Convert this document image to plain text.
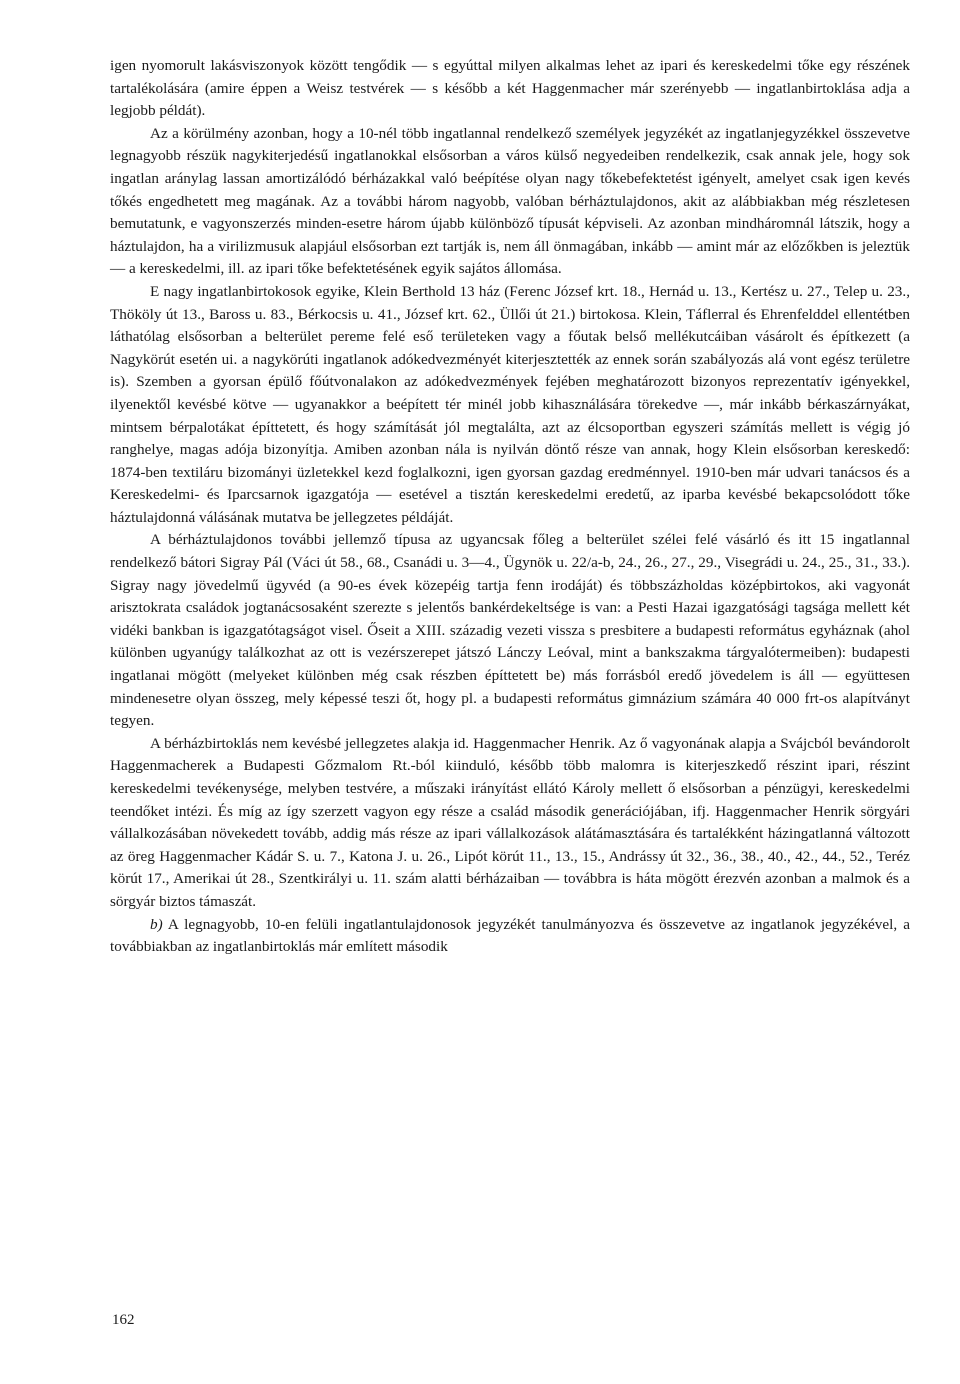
igen nyomorult lakásviszonyok között tengődik — s egyúttal milyen alkalmas lehet az ipari és kereskedelmi tőke egy részének tartalékolására (amire éppen a Weisz testvérek — s később a két Haggenmacher már szerényebb — ingatlanbirtoklása adja a legjobb példát).

Az a körülmény azonban, hogy a 10-nél több ingatlannal rendelkező személyek jegyzékét az ingatlanjegyzékkel összevetve legnagyobb részük nagykiterjedésű ingatlanokkal elsősorban a város külső negyedeiben rendelkezik, csak annak jele, hogy sok ingatlan aránylag lassan amortizálódó bérházakkal való beépítése olyan nagy tőkebefektetést igényelt, amelyet csak igen kevés tőkés engedhetett meg magának. Az a további három nagyobb, valóban bérháztulajdonos, akit az alábbiakban még részletesen bemutatunk, e vagyonszerzés minden-esetre három újabb különböző típusát képviseli. Az azonban mindháromnál látszik, hogy a háztulajdon, ha a virilizmusuk alapjául elsősorban ezt tartják is, nem áll önmagában, inkább — amint már az előzőkben is jeleztük — a kereskedelmi, ill. az ipari tőke befektetésének egyik sajátos állomása.

E nagy ingatlanbirtokosok egyike, Klein Berthold 13 ház (Ferenc József krt. 18., Hernád u. 13., Kertész u. 27., Telep u. 23., Thököly út 13., Baross u. 83., Bérkocsis u. 41., József krt. 62., Üllői út 21.) birtokosa. Klein, Táflerral és Ehrenfelddel ellentétben láthatólag elsősorban a belterület pereme felé eső területeken vagy a főutak belső mellékutcáiban vásárolt és építkezett (a Nagykörút esetén ui. a nagykörúti ingatlanok adókedvezményét kiterjesztették az ennek során szabályozás alá vont egész területre is). Szemben a gyorsan épülő főútvonalakon az adókedvezmények fejében meghatározott bizonyos reprezentatív igényekkel, ilyenektől kevésbé kötve — ugyanakkor a beépített tér minél jobb kihasználására törekedve —, már inkább bérkaszárnyákat, mintsem bérpalotákat építtetett, és hogy számítását jól megtalálta, azt az élcsoportban egyszeri számítás mellett is végig jó ranghelye, magas adója bizonyítja. Amiben azonban nála is nyilván döntő része van annak, hogy Klein elsősorban kereskedő: 1874-ben textiláru bizományi üzletekkel kezd foglalkozni, igen gyorsan gazdag eredménnyel. 1910-ben már udvari tanácsos és a Kereskedelmi- és Iparcsarnok igazgatója — esetével a tisztán kereskedelmi eredetű, az iparba kevésbé bekapcsolódott tőke háztulajdonná válásának mutatva be jellegzetes példáját.

A bérháztulajdonos további jellemző típusa az ugyancsak főleg a belterület szélei felé vásárló és itt 15 ingatlannal rendelkező bátori Sigray Pál (Váci út 58., 68., Csanádi u. 3—4., Ügynök u. 22/a-b, 24., 26., 27., 29., Visegrádi u. 24., 25., 31., 33.). Sigray nagy jövedelmű ügyvéd (a 90-es évek közepéig tartja fenn irodáját) és többszázholdas középbirtokos, aki vagyonát arisztokrata családok jogtanácsosaként szerezte s jelentős bankérdekeltsége is van: a Pesti Hazai igazgatósági tagsága mellett két vidéki bankban is igazgatótagságot visel. Őseit a XIII. századig vezeti vissza s presbitere a budapesti református egyháznak (ahol különben ugyanúgy találkozhat az ott is vezérszerepet játszó Lánczy Leóval, mint a bankszakma tárgyalótermeiben): budapesti ingatlanai mögött (melyeket különben még csak részben építtetett be) más forrásból eredő jövedelem is áll — együttesen mindenesetre olyan összeg, mely képessé teszi őt, hogy pl. a budapesti református gimnázium számára 40 000 frt-os alapítványt tegyen.

A bérházbirtoklás nem kevésbé jellegzetes alakja id. Haggenmacher Henrik. Az ő vagyonának alapja a Svájcból bevándorolt Haggenmacherek a Budapesti Gőzmalom Rt.-ból kiinduló, később több malomra is kiterjeszkedő részint ipari, részint kereskedelmi tevékenysége, melyben testvére, a műszaki irányítást ellátó Károly mellett ő elsősorban a pénzügyi, kereskedelmi teendőket intézi. És míg az így szerzett vagyon egy része a család második generációjában, ifj. Haggenmacher Henrik sörgyári vállalkozásában növekedett tovább, addig más része az ipari vállalkozások alátámasztására és tartalékként házingatlanná változott az öreg Haggenmacher Kádár S. u. 7., Katona J. u. 26., Lipót körút 11., 13., 15., Andrássy út 32., 36., 38., 40., 42., 44., 52., Teréz körút 17., Amerikai út 28., Szentkirályi u. 11. szám alatti bérházaiban — továbbra is háta mögött érezvén azonban a malmok és a sörgyár biztos támaszát.

b) A legnagyobb, 10-en felüli ingatlantulajdonosok jegyzékét tanulmányozva és összevetve az ingatlanok jegyzékével, a továbbiakban az ingatlanbirtoklás már említett második

162
